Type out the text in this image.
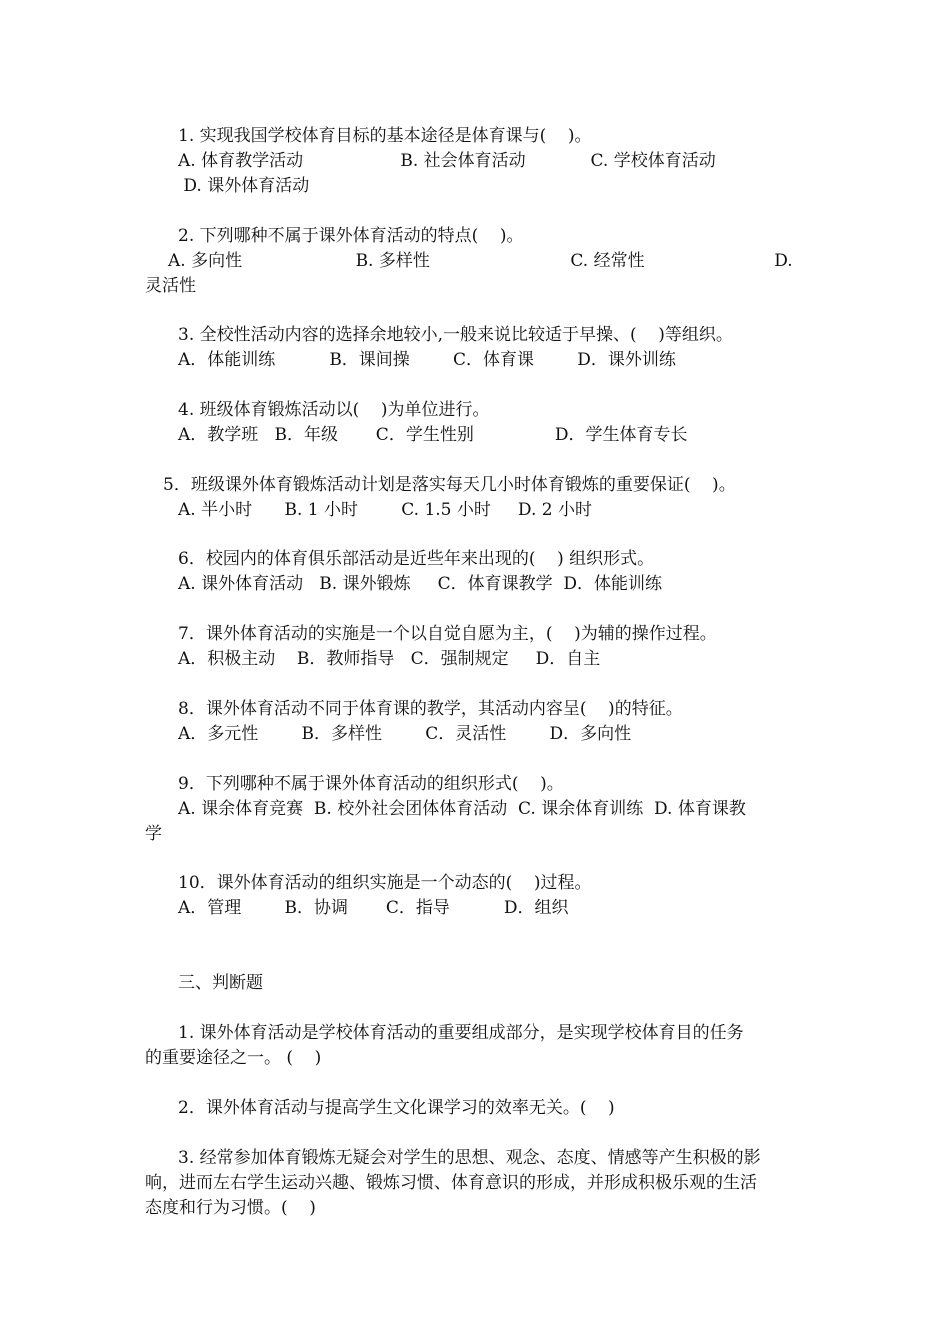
1. 实现我国学校体育目标的基本途径是体育课与(    )。
A. 体育教学活动                  B. 社会体育活动            C. 学校体育活动
D. 课外体育活动
2. 下列哪种不属于课外体育活动的特点(    )。
A. 多向性                     B. 多样性                          C. 经常性                        D.
灵活性
3. 全校性活动内容的选择余地较小,一般来说比较适于早操、(    )等组织。
A．体能训练          B．课间操        C．体育课        D．课外训练
4. 班级体育锻炼活动以(    )为单位进行。
A．教学班   B．年级       C．学生性别               D．学生体育专长
5．班级课外体育锻炼活动计划是落实每天几小时体育锻炼的重要保证(    )。
A. 半小时      B. 1 小时        C. 1.5 小时     D. 2 小时
6．校园内的体育俱乐部活动是近些年来出现的(    ) 组织形式。
A. 课外体育活动   B. 课外锻炼     C．体育课教学  D．体能训练
7．课外体育活动的实施是一个以自觉自愿为主，(    )为辅的操作过程。
A．积极主动    B．教师指导   C．强制规定     D．自主
8．课外体育活动不同于体育课的教学，其活动内容呈(    )的特征。
A．多元性        B．多样性        C．灵活性        D．多向性
9．下列哪种不属于课外体育活动的组织形式(    )。
A. 课余体育竞赛  B. 校外社会团体体育活动  C. 课余体育训练  D. 体育课教
学
10．课外体育活动的组织实施是一个动态的(    )过程。
A．管理        B．协调       C．指导          D．组织
三、判断题
1. 课外体育活动是学校体育活动的重要组成部分，是实现学校体育目的任务
的重要途径之一。 (    )
2．课外体育活动与提高学生文化课学习的效率无关。(    )
3. 经常参加体育锻炼无疑会对学生的思想、观念、态度、情感等产生积极的影
响，进而左右学生运动兴趣、锻炼习惯、体育意识的形成，并形成积极乐观的生活
态度和行为习惯。(    )
